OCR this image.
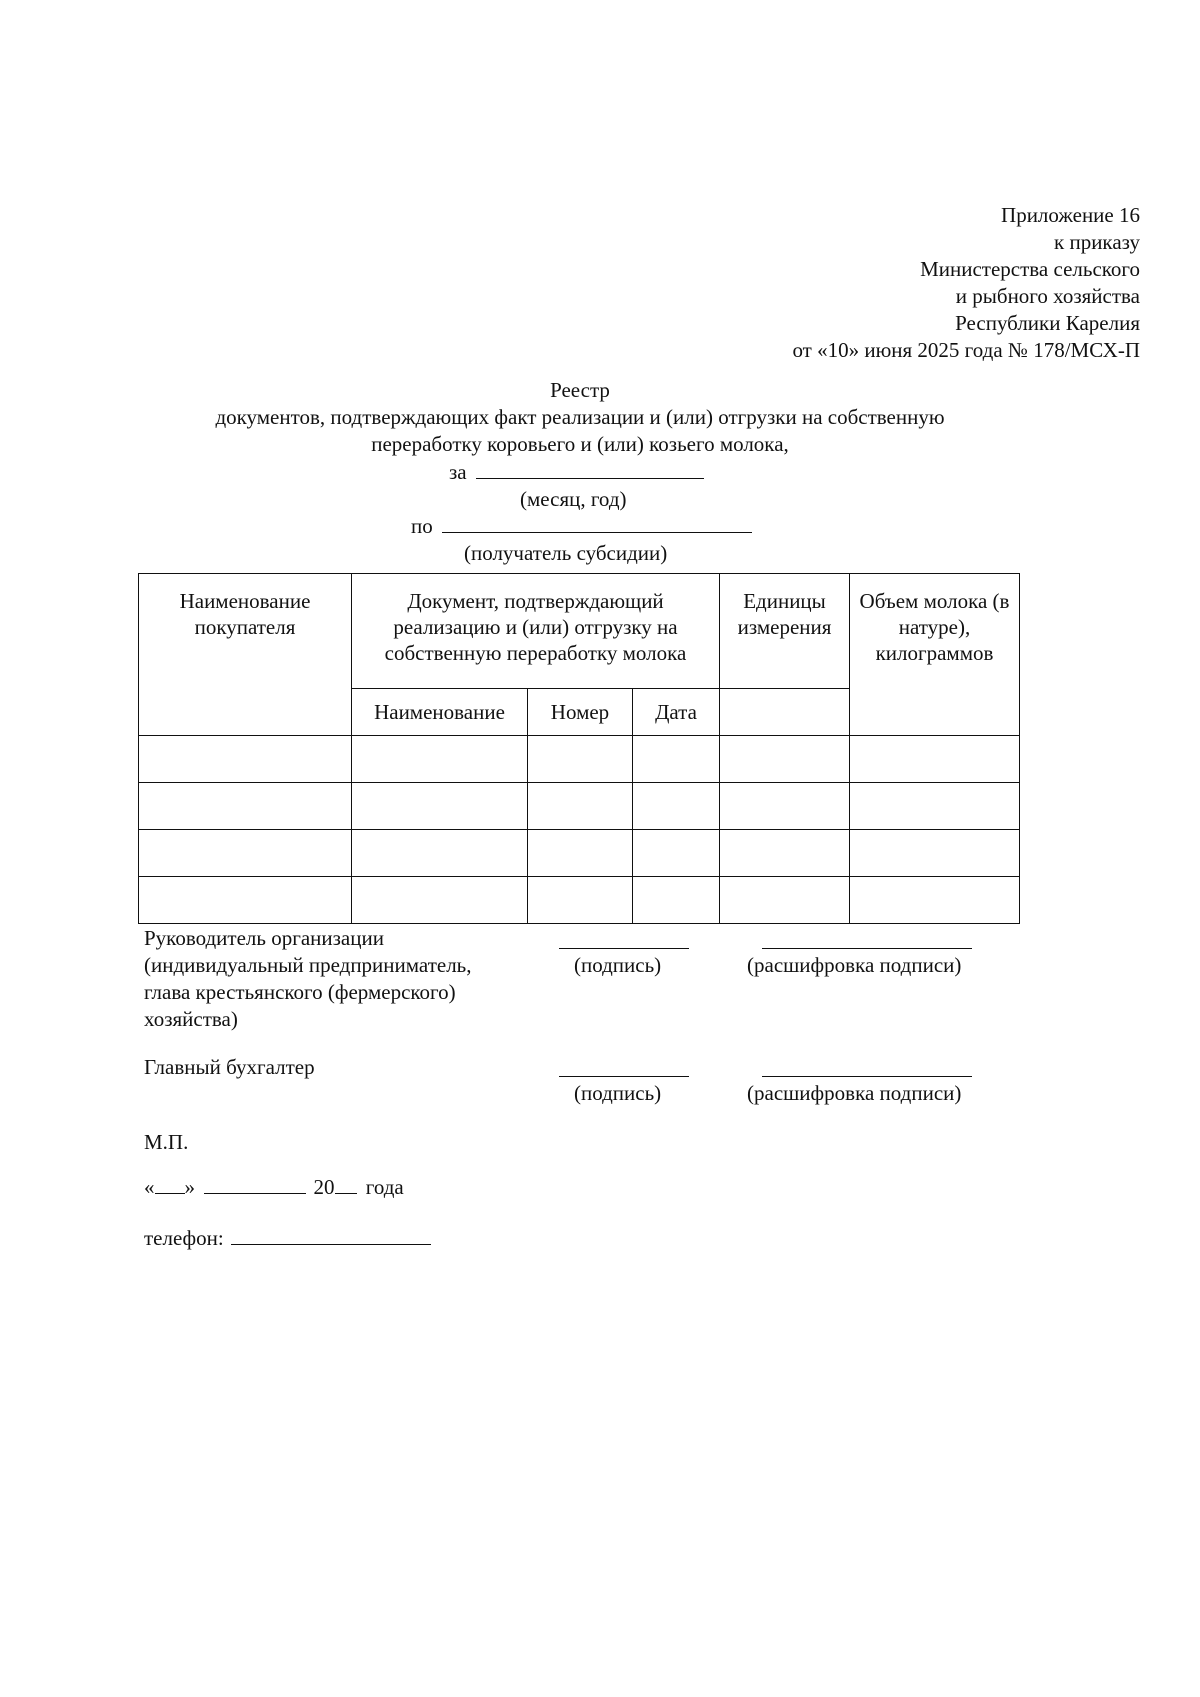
Приложение 16
к приказу
Министерства сельского
и рыбного хозяйства
Республики Карелия
от «10» июня 2025 года № 178/МСХ-П
Реестр
документов, подтверждающих факт реализации и (или) отгрузки на собственную
переработку коровьего и (или) козьего молока,
за
(месяц, год)
по
(получатель субсидии)
Наименование покупателя	Документ, подтверждающий реализацию и (или) отгрузку на собственную переработку молока			Единицы измерения	Объем молока (в натуре), килограммов
	Наименование	Номер	Дата		

Руководитель организации
(индивидуальный предприниматель,
глава крестьянского (фермерского)
хозяйства)
(подпись)	(расшифровка подписи)
Главный бухгалтер
(подпись)	(расшифровка подписи)
М.П.
« »	20 года
телефон:
